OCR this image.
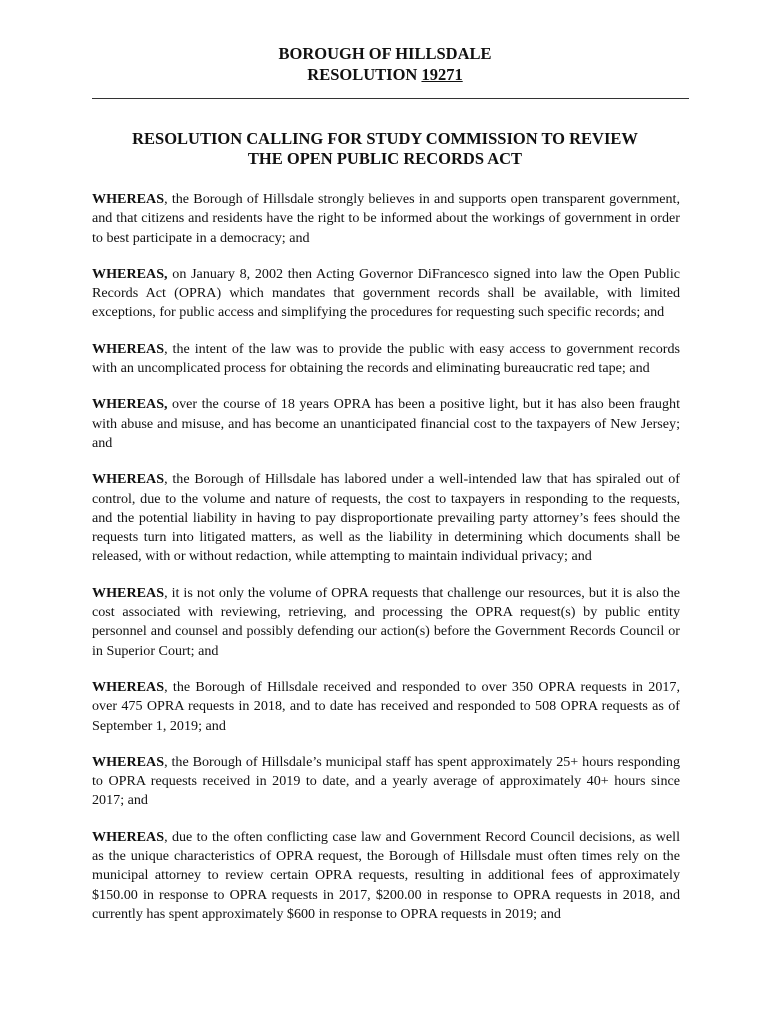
BOROUGH OF HILLSDALE
RESOLUTION 19271
RESOLUTION CALLING FOR STUDY COMMISSION TO REVIEW
THE OPEN PUBLIC RECORDS ACT

WHEREAS, the Borough of Hillsdale strongly believes in and supports open transparent government, and that citizens and residents have the right to be informed about the workings of government in order to best participate in a democracy; and

WHEREAS, on January 8, 2002 then Acting Governor DiFrancesco signed into law the Open Public Records Act (OPRA) which mandates that government records shall be available, with limited exceptions, for public access and simplifying the procedures for requesting such specific records; and

WHEREAS, the intent of the law was to provide the public with easy access to government records with an uncomplicated process for obtaining the records and eliminating bureaucratic red tape; and

WHEREAS, over the course of 18 years OPRA has been a positive light, but it has also been fraught with abuse and misuse, and has become an unanticipated financial cost to the taxpayers of New Jersey; and

WHEREAS, the Borough of Hillsdale has labored under a well-intended law that has spiraled out of control, due to the volume and nature of requests, the cost to taxpayers in responding to the requests, and the potential liability in having to pay disproportionate prevailing party attorney’s fees should the requests turn into litigated matters, as well as the liability in determining which documents shall be released, with or without redaction, while attempting to maintain individual privacy; and

WHEREAS, it is not only the volume of OPRA requests that challenge our resources, but it is also the cost associated with reviewing, retrieving, and processing the OPRA request(s) by public entity personnel and counsel and possibly defending our action(s) before the Government Records Council or in Superior Court; and

WHEREAS, the Borough of Hillsdale received and responded to over 350 OPRA requests in 2017, over 475 OPRA requests in 2018, and to date has received and responded to 508 OPRA requests as of September 1, 2019; and

WHEREAS, the Borough of Hillsdale’s municipal staff has spent approximately 25+ hours responding to OPRA requests received in 2019 to date, and a yearly average of approximately 40+ hours since 2017; and

WHEREAS, due to the often conflicting case law and Government Record Council decisions, as well as the unique characteristics of OPRA request, the Borough of Hillsdale must often times rely on the municipal attorney to review certain OPRA requests, resulting in additional fees of approximately $150.00 in response to OPRA requests in 2017, $200.00 in response to OPRA requests in 2018, and currently has spent approximately $600 in response to OPRA requests in 2019; and
